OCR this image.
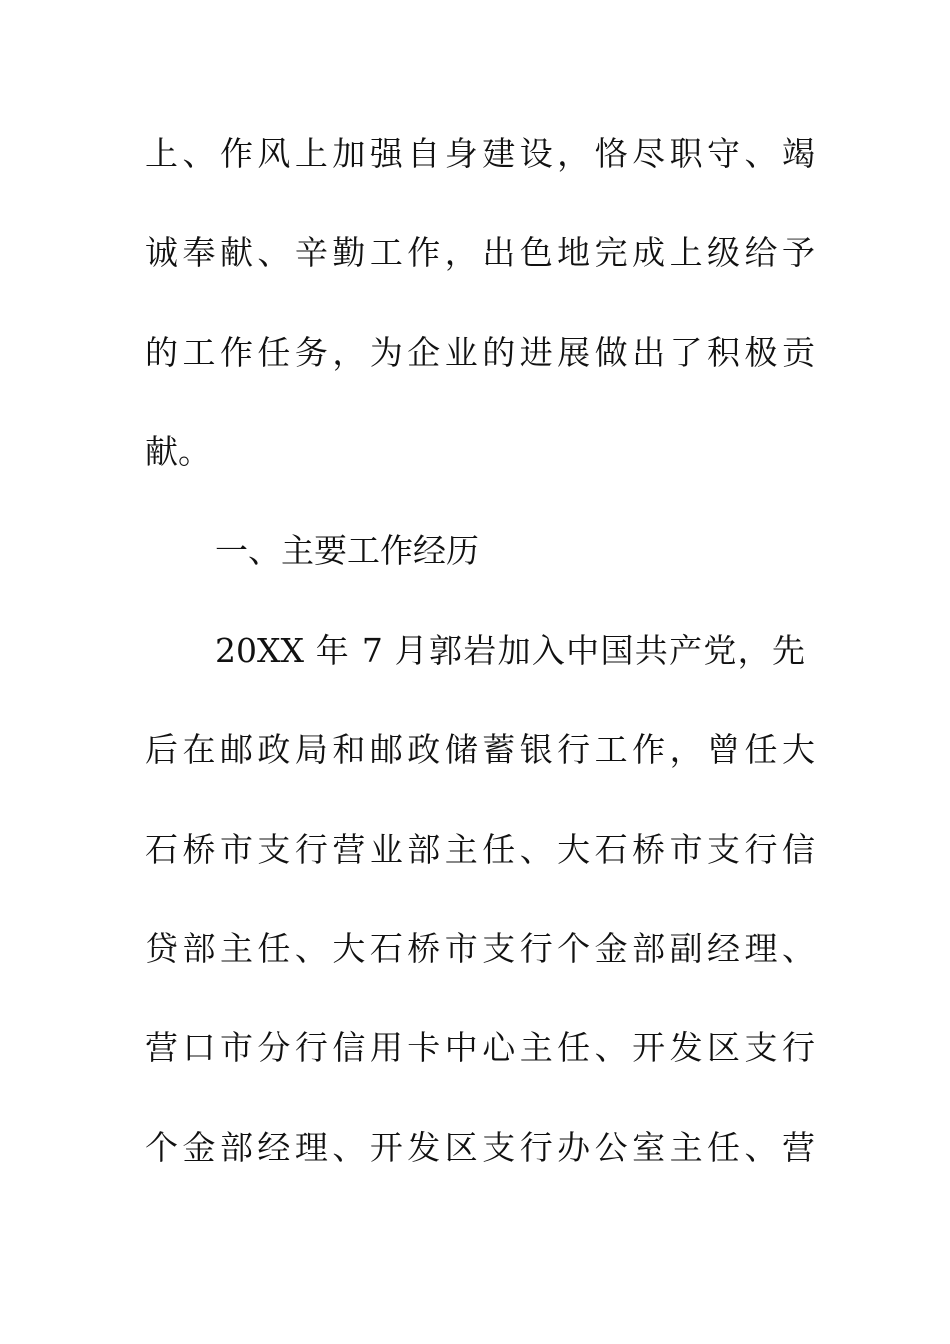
上、作风上加强自身建设，恪尽职守、竭
诚奉献、辛勤工作，出色地完成上级给予
的工作任务，为企业的进展做出了积极贡
献。
一、主要工作经历
20XX 年 7 月郭岩加入中国共产党，先
后在邮政局和邮政储蓄银行工作，曾任大
石桥市支行营业部主任、大石桥市支行信
贷部主任、大石桥市支行个金部副经理、
营口市分行信用卡中心主任、开发区支行
个金部经理、开发区支行办公室主任、营
